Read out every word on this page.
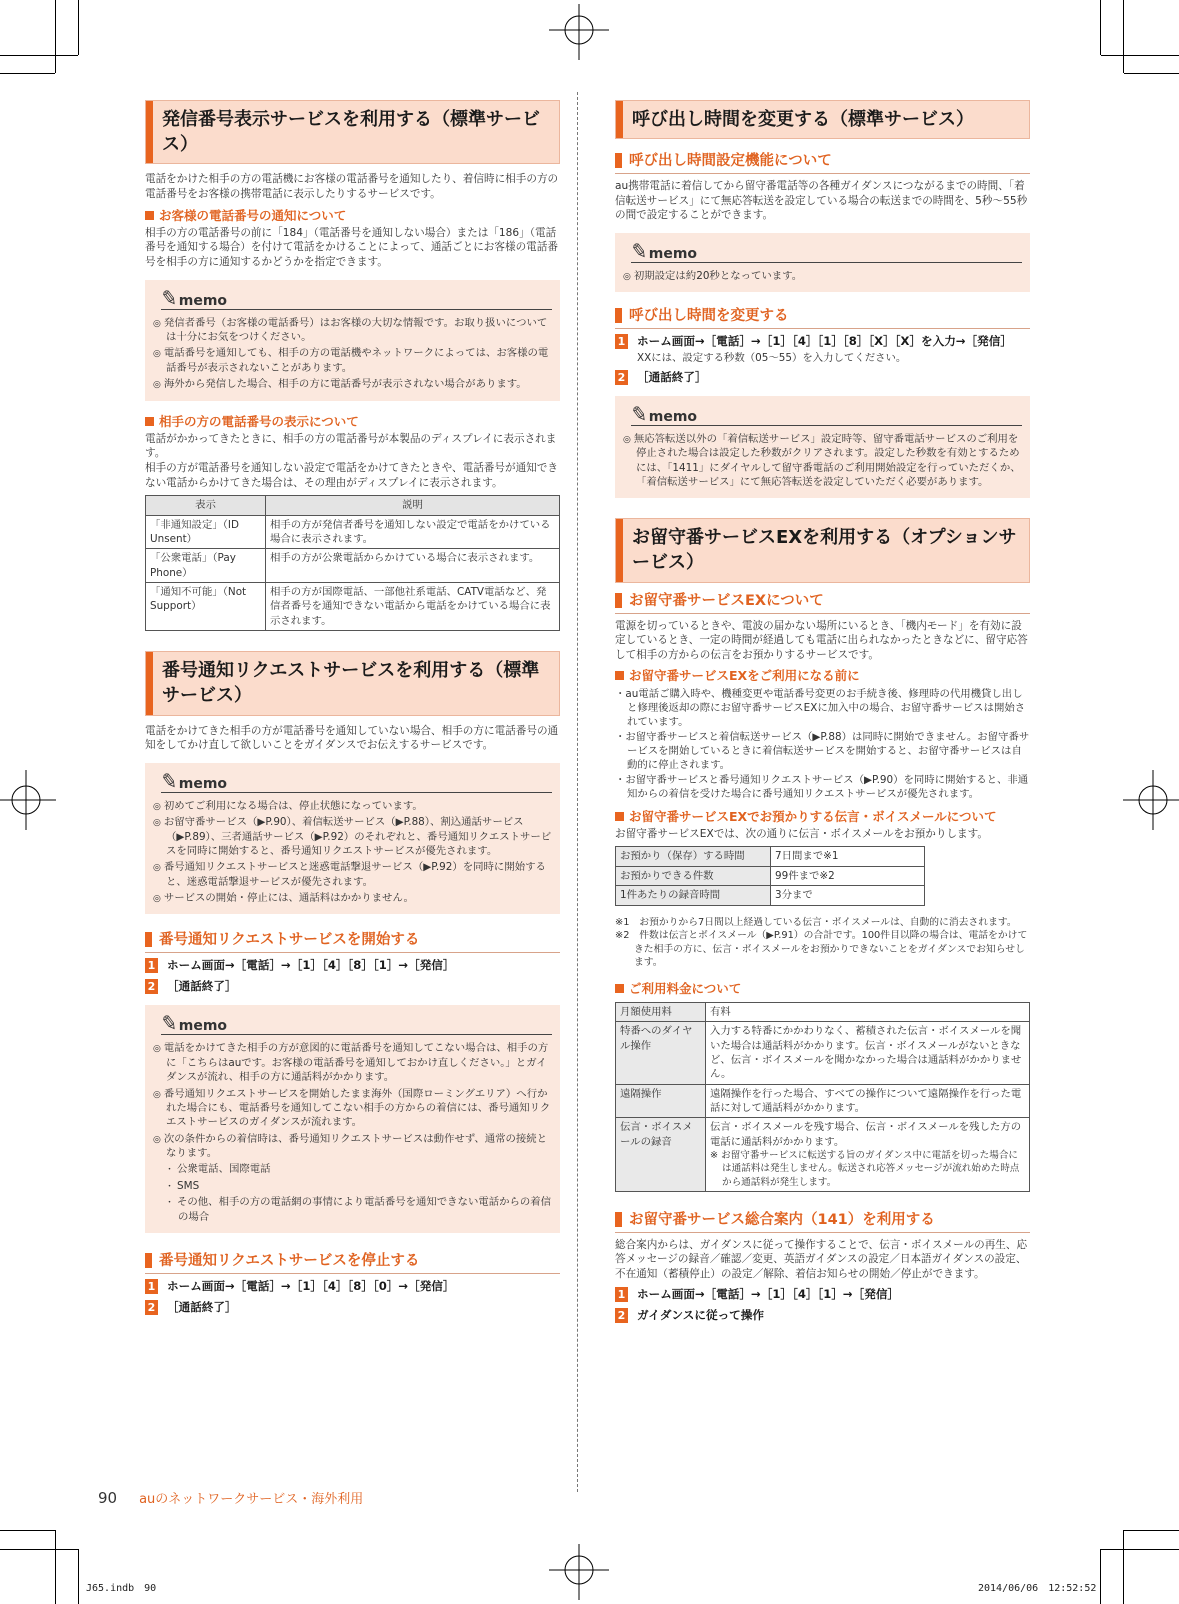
発信番号表示サービスを利用する（標準サービス）

電話をかけた相手の方の電話機にお客様の電話番号を通知したり、着信時に相手の方の電話番号をお客様の携帯電話に表示したりするサービスです。

お客様の電話番号の通知について

相手の方の電話番号の前に「184」（電話番号を通知しない場合）または「186」（電話番号を通知する場合）を付けて電話をかけることによって、通話ごとにお客様の電話番号を相手の方に通知するかどうかを指定できます。

✎ memo
◎ 発信者番号（お客様の電話番号）はお客様の大切な情報です。お取り扱いについては十分にお気をつけください。
◎ 電話番号を通知しても、相手の方の電話機やネットワークによっては、お客様の電話番号が表示されないことがあります。
◎ 海外から発信した場合、相手の方に電話番号が表示されない場合があります。
相手の方の電話番号の表示について

電話がかかってきたときに、相手の方の電話番号が本製品のディスプレイに表示されます。

相手の方が電話番号を通知しない設定で電話をかけてきたときや、電話番号が通知できない電話からかけてきた場合は、その理由がディスプレイに表示されます。

表示	説明
「非通知設定」（ID Unsent）	相手の方が発信者番号を通知しない設定で電話をかけている場合に表示されます。
「公衆電話」（Pay Phone）	相手の方が公衆電話からかけている場合に表示されます。
「通知不可能」（Not Support）	相手の方が国際電話、一部他社系電話、CATV電話など、発信者番号を通知できない電話から電話をかけている場合に表示されます。
番号通知リクエストサービスを利用する（標準サービス）

電話をかけてきた相手の方が電話番号を通知していない場合、相手の方に電話番号の通知をしてかけ直して欲しいことをガイダンスでお伝えするサービスです。

✎ memo
◎ 初めてご利用になる場合は、停止状態になっています。
◎ お留守番サービス（▶P.90）、着信転送サービス（▶P.88）、割込通話サービス（▶P.89）、三者通話サービス（▶P.92）のそれぞれと、番号通知リクエストサービスを同時に開始すると、番号通知リクエストサービスが優先されます。
◎ 番号通知リクエストサービスと迷惑電話撃退サービス（▶P.92）を同時に開始すると、迷惑電話撃退サービスが優先されます。
◎ サービスの開始・停止には、通話料はかかりません。
番号通知リクエストサービスを開始する
1 ホーム画面→［電話］→［1］［4］［8］［1］→［発信］
2 ［通話終了］
✎ memo
◎ 電話をかけてきた相手の方が意図的に電話番号を通知してこない場合は、相手の方に「こちらはauです。お客様の電話番号を通知しておかけ直しください。」とガイダンスが流れ、相手の方に通話料がかかります。
◎ 番号通知リクエストサービスを開始したまま海外（国際ローミングエリア）へ行かれた場合にも、電話番号を通知してこない相手の方からの着信には、番号通知リクエストサービスのガイダンスが流れます。
◎ 次の条件からの着信時は、番号通知リクエストサービスは動作せず、通常の接続となります。
・ 公衆電話、国際電話
・ SMS
・ その他、相手の方の電話網の事情により電話番号を通知できない電話からの着信の場合
番号通知リクエストサービスを停止する
1 ホーム画面→［電話］→［1］［4］［8］［0］→［発信］
2 ［通話終了］
呼び出し時間を変更する（標準サービス）
呼び出し時間設定機能について

au携帯電話に着信してから留守番電話等の各種ガイダンスにつながるまでの時間、「着信転送サービス」にて無応答転送を設定している場合の転送までの時間を、5秒〜55秒の間で設定することができます。

✎ memo
◎ 初期設定は約20秒となっています。
呼び出し時間を変更する
1 ホーム画面→［電話］→［1］［4］［1］［8］［X］［X］を入力→［発信］

XXには、設定する秒数（05〜55）を入力してください。

2 ［通話終了］
✎ memo
◎ 無応答転送以外の「着信転送サービス」設定時等、留守番電話サービスのご利用を停止された場合は設定した秒数がクリアされます。設定した秒数を有効とするためには、「1411」にダイヤルして留守番電話のご利用開始設定を行っていただくか、「着信転送サービス」にて無応答転送を設定していただく必要があります。
お留守番サービスEXを利用する（オプションサービス）
お留守番サービスEXについて

電源を切っているときや、電波の届かない場所にいるとき、「機内モード」を有効に設定しているとき、一定の時間が経過しても電話に出られなかったときなどに、留守応答して相手の方からの伝言をお預かりするサービスです。

お留守番サービスEXをご利用になる前に
・ au電話ご購入時や、機種変更や電話番号変更のお手続き後、修理時の代用機貸し出しと修理後返却の際にお留守番サービスEXに加入中の場合、お留守番サービスは開始されています。
・ お留守番サービスと着信転送サービス（▶P.88）は同時に開始できません。お留守番サービスを開始しているときに着信転送サービスを開始すると、お留守番サービスは自動的に停止されます。
・ お留守番サービスと番号通知リクエストサービス（▶P.90）を同時に開始すると、非通知からの着信を受けた場合に番号通知リクエストサービスが優先されます。
お留守番サービスEXでお預かりする伝言・ボイスメールについて

お留守番サービスEXでは、次の通りに伝言・ボイスメールをお預かりします。

お預かり（保存）する時間	7日間まで※1
お預かりできる件数	99件まで※2
1件あたりの録音時間	3分まで
※1　お預かりから7日間以上経過している伝言・ボイスメールは、自動的に消去されます。
※2　件数は伝言とボイスメール（▶P.91）の合計です。100件目以降の場合は、電話をかけてきた相手の方に、伝言・ボイスメールをお預かりできないことをガイダンスでお知らせします。
ご利用料金について
月額使用料	有料
特番へのダイヤル操作	入力する特番にかかわりなく、蓄積された伝言・ボイスメールを聞いた場合は通話料がかかります。伝言・ボイスメールがないときなど、伝言・ボイスメールを聞かなかった場合は通話料がかかりません。
遠隔操作	遠隔操作を行った場合、すべての操作について遠隔操作を行った電話に対して通話料がかかります。
伝言・ボイスメールの録音	伝言・ボイスメールを残す場合、伝言・ボイスメールを残した方の電話に通話料がかかります。
※ お留守番サービスに転送する旨のガイダンス中に電話を切った場合には通話料は発生しません。転送され応答メッセージが流れ始めた時点から通話料が発生します。
お留守番サービス総合案内（141）を利用する

総合案内からは、ガイダンスに従って操作することで、伝言・ボイスメールの再生、応答メッセージの録音／確認／変更、英語ガイダンスの設定／日本語ガイダンスの設定、不在通知（蓄積停止）の設定／解除、着信お知らせの開始／停止ができます。

1 ホーム画面→［電話］→［1］［4］［1］→［発信］
2 ガイダンスに従って操作
90 auのネットワークサービス・海外利用
J65.indb　90	2014/06/06　12:52:52
